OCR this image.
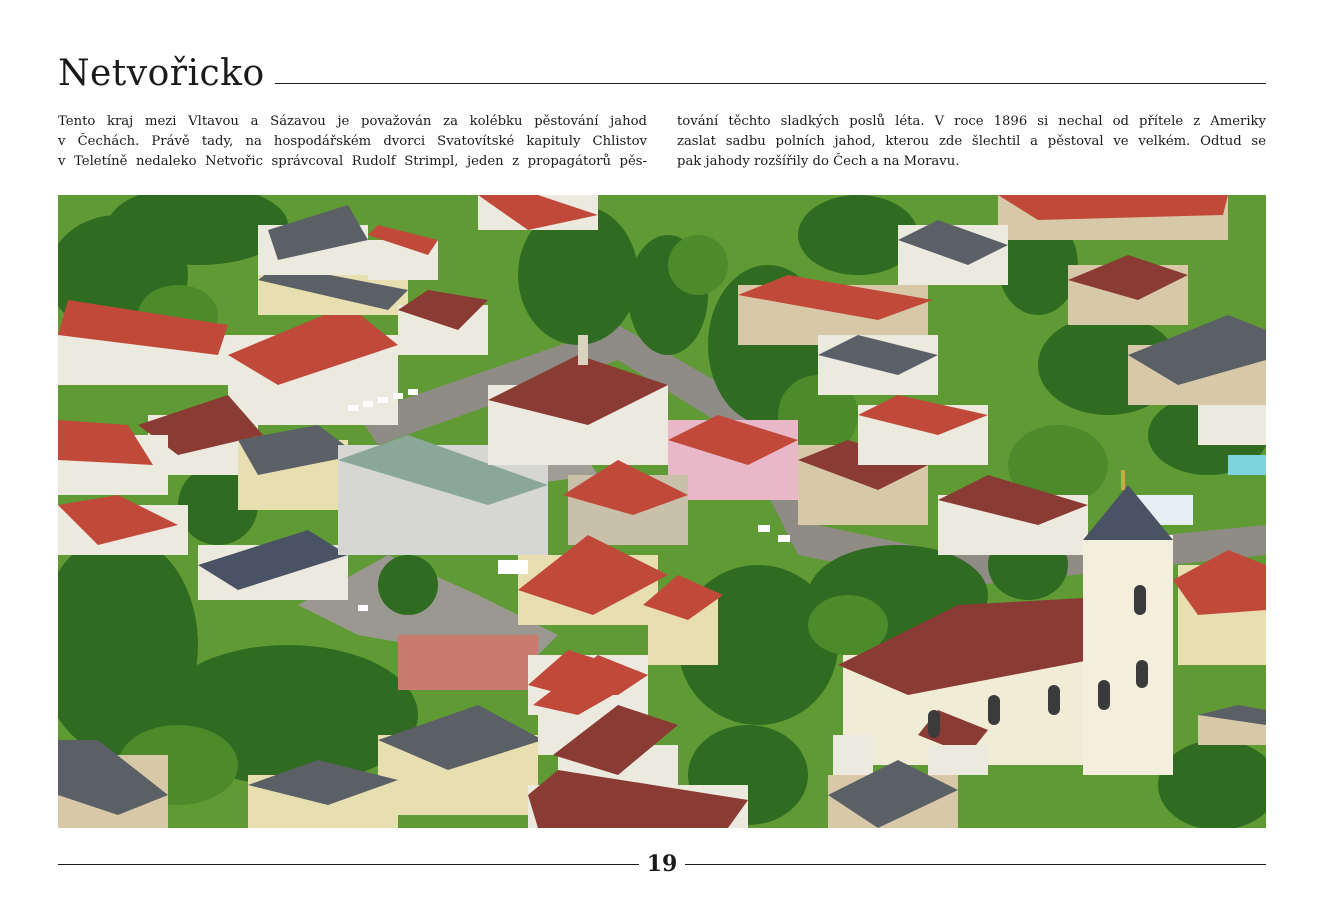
Netvořicko
Tento kraj mezi Vltavou a Sázavou je považován za kolébku pěstování jahod
v Čechách. Právě tady, na hospodářském dvorci Svatovítské kapituly Chlistov
v Teletíně nedaleko Netvořic správcoval Rudolf Strimpl, jeden z propagátorů pěs-
tování těchto sladkých poslů léta. V roce 1896 si nechal od přítele z Ameriky
zaslat sadbu polních jahod, kterou zde šlechtil a pěstoval ve velkém. Odtud se
pak jahody rozšířily do Čech a na Moravu.
19
